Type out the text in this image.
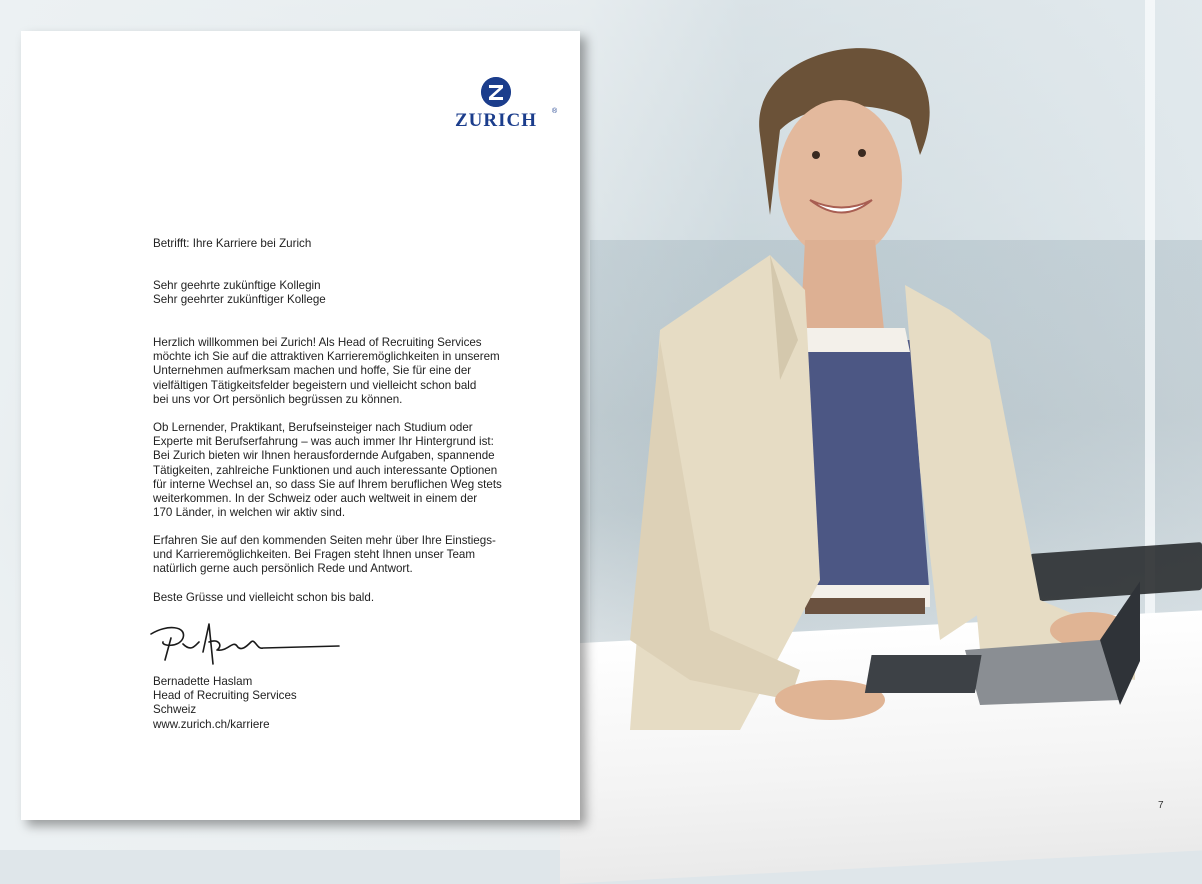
ZURICH ®

Betrifft: Ihre Karriere bei Zurich

Sehr geehrte zukünftige Kollegin

Sehr geehrter zukünftiger Kollege

Herzlich willkommen bei Zurich! Als Head of Recruiting Services

möchte ich Sie auf die attraktiven Karrieremöglichkeiten in unserem

Unternehmen aufmerksam machen und hoffe, Sie für eine der

vielfältigen Tätigkeitsfelder begeistern und vielleicht schon bald

bei uns vor Ort persönlich begrüssen zu können.

Ob Lernender, Praktikant, Berufseinsteiger nach Studium oder

Experte mit Berufserfahrung – was auch immer Ihr Hintergrund ist:

Bei Zurich bieten wir Ihnen herausfordernde Aufgaben, spannende

Tätigkeiten, zahlreiche Funktionen und auch interessante Optionen

für interne Wechsel an, so dass Sie auf Ihrem beruflichen Weg stets

weiterkommen. In der Schweiz oder auch weltweit in einem der

170 Länder, in welchen wir aktiv sind.

Erfahren Sie auf den kommenden Seiten mehr über Ihre Einstiegs-

und Karrieremöglichkeiten. Bei Fragen steht Ihnen unser Team

natürlich gerne auch persönlich Rede und Antwort.

Beste Grüsse und vielleicht schon bis bald.

Bernadette Haslam

Head of Recruiting Services

Schweiz

www.zurich.ch/karriere

7
